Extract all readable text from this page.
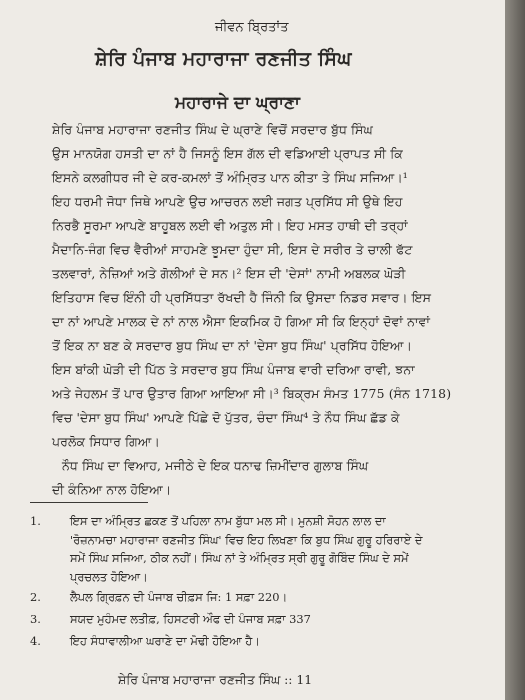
ਜੀਵਨ ਬ੍ਰਿਤਾਂਤ

ਸ਼ੇਰਿ ਪੰਜਾਬ ਮਹਾਰਾਜਾ ਰਣਜੀਤ ਸਿੰਘ
ਮਹਾਰਾਜੇ ਦਾ ਘ੍ਰਾਣਾ
ਸ਼ੇਰਿ ਪੰਜਾਬ ਮਹਾਰਾਜਾ ਰਣਜੀਤ ਸਿੰਘ ਦੇ ਘ੍ਰਾਣੇ ਵਿਚੋਂ ਸਰਦਾਰ ਬੁੱਧ ਸਿੰਘ
ਉਸ ਮਾਨਯੋਗ ਹਸਤੀ ਦਾ ਨਾਂ ਹੈ ਜਿਸਨੂੰ ਇਸ ਗੱਲ ਦੀ ਵਡਿਆਈ ਪ੍ਰਾਪਤ ਸੀ ਕਿ
ਇਸਨੇ ਕਲਗੀਧਰ ਜੀ ਦੇ ਕਰ-ਕਮਲਾਂ ਤੋਂ ਅੰਮ੍ਰਿਤ ਪਾਨ ਕੀਤਾ ਤੇ ਸਿੰਘ ਸਜਿਆ।¹
ਇਹ ਧਰਮੀ ਜੋਧਾ ਜਿਥੇ ਆਪਣੇ ਉਚ ਆਚਰਨ ਲਈ ਜਗਤ ਪ੍ਰਸਿੱਧ ਸੀ ਉਥੇ ਇਹ
ਨਿਰਭੈ ਸੂਰਮਾ ਆਪਣੇ ਬਾਹੂਬਲ ਲਈ ਵੀ ਅਤੁਲ ਸੀ। ਇਹ ਮਸਤ ਹਾਥੀ ਦੀ ਤਰ੍ਹਾਂ
ਮੈਦਾਨਿ-ਜੰਗ ਵਿਚ ਵੈਰੀਆਂ ਸਾਹਮਣੇ ਝੂਮਦਾ ਹੁੰਦਾ ਸੀ, ਇਸ ਦੇ ਸਰੀਰ ਤੇ ਚਾਲੀ ਫੱਟ
ਤਲਵਾਰਾਂ, ਨੇਜ਼ਿਆਂ ਅਤੇ ਗੋਲੀਆਂ ਦੇ ਸਨ।² ਇਸ ਦੀ 'ਦੇਸਾਂ' ਨਾਮੀ ਅਬਲਕ ਘੋੜੀ
ਇਤਿਹਾਸ ਵਿਚ ਇੰਨੀ ਹੀ ਪ੍ਰਸਿੱਧਤਾ ਰੱਖਦੀ ਹੈ ਜਿੰਨੀ ਕਿ ਉਸਦਾ ਨਿਡਰ ਸਵਾਰ। ਇਸ
ਦਾ ਨਾਂ ਆਪਣੇ ਮਾਲਕ ਦੇ ਨਾਂ ਨਾਲ ਐਸਾ ਇਕਮਿਕ ਹੋ ਗਿਆ ਸੀ ਕਿ ਇਨ੍ਹਾਂ ਦੋਵਾਂ ਨਾਵਾਂ
ਤੋਂ ਇਕ ਨਾ ਬਣ ਕੇ ਸਰਦਾਰ ਬੁਧ ਸਿੰਘ ਦਾ ਨਾਂ 'ਦੇਸਾ ਬੁਧ ਸਿੰਘ' ਪ੍ਰਸਿੱਧ ਹੋਇਆ।
ਇਸ ਬਾਂਕੀ ਘੋੜੀ ਦੀ ਪਿੱਠ ਤੇ ਸਰਦਾਰ ਬੁਧ ਸਿੰਘ ਪੰਜਾਬ ਵਾਰੀ ਦਰਿਆ ਰਾਵੀ, ਝਨਾ
ਅਤੇ ਜੇਹਲਮ ਤੋਂ ਪਾਰ ਉਤਾਰ ਗਿਆ ਆਇਆ ਸੀ।³ ਬਿਕ੍ਰਮ ਸੰਮਤ 1775 (ਸੰਨ 1718)
ਵਿਚ 'ਦੇਸਾ ਬੁਧ ਸਿੰਘ' ਆਪਣੇ ਪਿੱਛੇ ਦੋ ਪੁੱਤਰ, ਚੰਦਾ ਸਿੰਘ⁴ ਤੇ ਨੌਧ ਸਿੰਘ ਛੱਡ ਕੇ
ਪਰਲੋਕ ਸਿਧਾਰ ਗਿਆ।
ਨੌਧ ਸਿੰਘ ਦਾ ਵਿਆਹ, ਮਜੀਠੇ ਦੇ ਇਕ ਧਨਾਢ ਜ਼ਿਮੀਂਦਾਰ ਗੁਲਾਬ ਸਿੰਘ
ਦੀ ਕੰਨਿਆ ਨਾਲ ਹੋਇਆ।
1.	ਇਸ ਦਾ ਅੰਮ੍ਰਿਤ ਛਕਣ ਤੋਂ ਪਹਿਲਾ ਨਾਮ ਬੁੱਧਾ ਮਲ ਸੀ। ਮੁਨਸ਼ੀ ਸੋਹਨ ਲਾਲ ਦਾ
'ਰੋਜ਼ਨਾਮਚਾ ਮਹਾਰਾਜਾ ਰਣਜੀਤ ਸਿੰਘ' ਵਿਚ ਇਹ ਲਿਖਣਾ ਕਿ ਬੁਧ ਸਿੰਘ ਗੁਰੂ ਹਰਿਰਾਏ ਦੇ
ਸਮੇਂ ਸਿੰਘ ਸਜਿਆ, ਠੀਕ ਨਹੀਂ। ਸਿੰਘ ਨਾਂ ਤੇ ਅੰਮ੍ਰਿਤ ਸ੍ਰੀ ਗੁਰੂ ਗੋਬਿੰਦ ਸਿੰਘ ਦੇ ਸਮੇਂ
ਪ੍ਰਚਲਤ ਹੋਇਆ।
2.	ਲੈਪਲ ਗ੍ਰਿਫ਼ਨ ਦੀ ਪੰਜਾਬ ਚੀਫ਼ਸ ਜਿ: 1 ਸਫ਼ਾ 220।
3.	ਸਯਦ ਮੁਹੰਮਦ ਲਤੀਫ਼, ਹਿਸਟਰੀ ਔਫ ਦੀ ਪੰਜਾਬ ਸਫ਼ਾ 337
4.	ਇਹ ਸੰਧਾਵਾਲੀਆ ਘਰਾਣੇ ਦਾ ਮੋਢੀ ਹੋਇਆ ਹੈ।

ਸ਼ੇਰਿ ਪੰਜਾਬ ਮਹਾਰਾਜਾ ਰਣਜੀਤ ਸਿੰਘ :: 11
